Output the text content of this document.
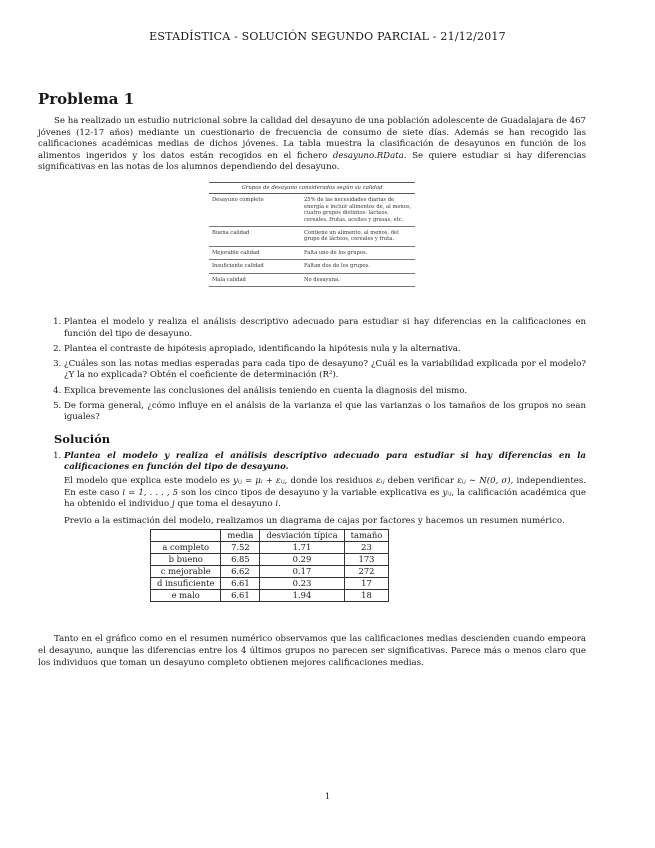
ESTADÍSTICA - SOLUCIÓN SEGUNDO PARCIAL - 21/12/2017
Problema 1

Se ha realizado un estudio nutricional sobre la calidad del desayuno de una población adolescente de Guadalajara de 467 jóvenes (12-17 años) mediante un cuestionario de frecuencia de consumo de siete días. Además se han recogido las calificaciones académicas medias de dichos jóvenes. La tabla muestra la clasificación de desayunos en función de los alimentos ingeridos y los datos están recogidos en el fichero desayuno.RData. Se quiere estudiar si hay diferencias significativas en las notas de los alumnos dependiendo del desayuno.

Grupos de desayuno considerados según su calidad
Desayuno completo	25% de las necesidades diarias de energía e incluir alimentos de, al menos, cuatro grupos distintos: lácteos, cereales, frutas, aceites y grasas, etc.
Buena calidad	Contiene un alimento, al menos, del grupo de lácteos, cereales y fruta.
Mejorable calidad	Falta uno de los grupos.
Insuficiente calidad	Faltan dos de los grupos.
Mala calidad	No desayuna.
1. Plantea el modelo y realiza el análisis descriptivo adecuado para estudiar si hay diferencias en la calificaciones en función del tipo de desayuno.
2. Plantea el contraste de hipótesis apropiado, identificando la hipótesis nula y la alternativa.
3. ¿Cuáles son las notas medias esperadas para cada tipo de desayuno? ¿Cuál es la variabilidad explicada por el modelo? ¿Y la no explicada? Obtén el coeficiente de determinación (R²).
4. Explica brevemente las conclusiones del análisis teniendo en cuenta la diagnosis del mismo.
5. De forma general, ¿cómo influye en el análsis de la varianza el que las varianzas o los tamaños de los grupos no sean iguales?
Solución
1. Plantea el modelo y realiza el análisis descriptivo adecuado para estudiar si hay diferencias en la calificaciones en función del tipo de desayuno.

El modelo que explica este modelo es yᵢⱼ = μᵢ + εᵢⱼ, donde los residuos εᵢⱼ deben verificar εᵢⱼ ∼ N(0, σ), independientes. En este caso i = 1, . . . , 5 son los cinco tipos de desayuno y la variable explicativa es yᵢⱼ, la calificación académica que ha obtenido el individuo j que toma el desayuno i.

Previo a la estimación del modelo, realizamos un diagrama de cajas por factores y hacemos un resumen numérico.

	media	desviación típica	tamaño
a completo	7.52	1.71	23
b bueno	6.85	0.29	173
c mejorable	6.62	0.17	272
d insuficiente	6.61	0.23	17
e malo	6.61	1.94	18

Tanto en el gráfico como en el resumen numérico observamos que las calificaciones medias descienden cuando empeora el desayuno, aunque las diferencias entre los 4 últimos grupos no parecen ser significativas. Parece más o menos claro que los individuos que toman un desayuno completo obtienen mejores calificaciones medias.

1
